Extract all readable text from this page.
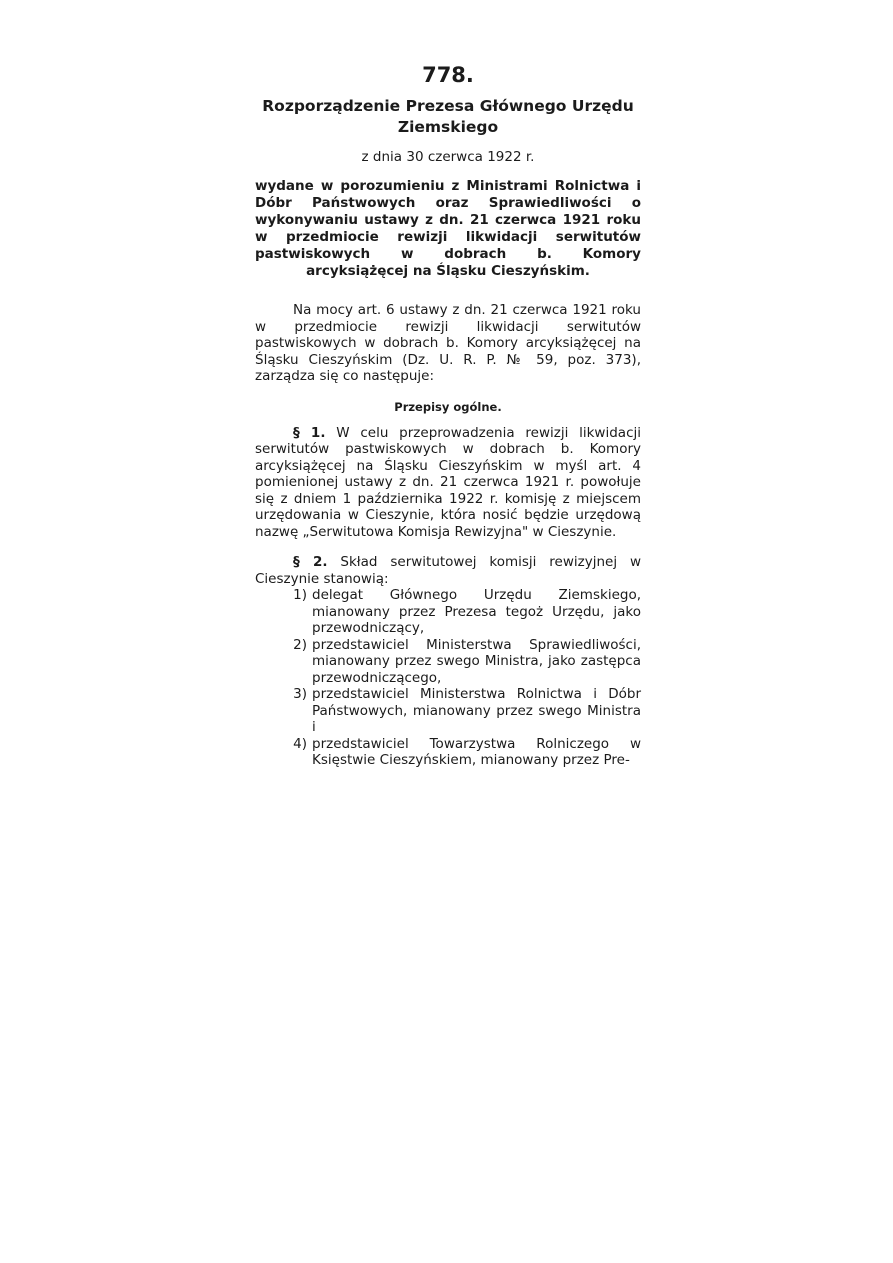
778.
Rozporządzenie Prezesa Głównego Urzędu Ziemskiego
z dnia 30 czerwca 1922 r.
wydane w porozumieniu z Ministrami Rolnictwa i Dóbr Państwowych oraz Sprawiedliwości o wykonywaniu ustawy z dn. 21 czerwca 1921 roku w przedmiocie rewizji likwidacji serwitutów pastwiskowych w dobrach b. Komory arcyksiążęcej na Śląsku Cieszyńskim.

Na mocy art. 6 ustawy z dn. 21 czerwca 1921 roku w przedmiocie rewizji likwidacji serwitutów pastwiskowych w dobrach b. Komory arcyksiążęcej na Śląsku Cieszyńskim (Dz. U. R. P. № 59, poz. 373), zarządza się co następuje:

Przepisy ogólne.

§ 1. W celu przeprowadzenia rewizji likwidacji serwitutów pastwiskowych w dobrach b. Komory arcyksiążęcej na Śląsku Cieszyńskim w myśl art. 4 pomienionej ustawy z dn. 21 czerwca 1921 r. powołuje się z dniem 1 października 1922 r. komisję z miejscem urzędowania w Cieszynie, która nosić będzie urzędową nazwę „Serwitutowa Komisja Rewizyjna" w Cieszynie.

§ 2. Skład serwitutowej komisji rewizyjnej w Cieszynie stanowią:

1) delegat Głównego Urzędu Ziemskiego, mianowany przez Prezesa tegoż Urzędu, jako przewodniczący,
2) przedstawiciel Ministerstwa Sprawiedliwości, mianowany przez swego Ministra, jako zastępca przewodniczącego,
3) przedstawiciel Ministerstwa Rolnictwa i Dóbr Państwowych, mianowany przez swego Ministra i
4) przedstawiciel Towarzystwa Rolniczego w Księstwie Cieszyńskiem, mianowany przez Pre-
